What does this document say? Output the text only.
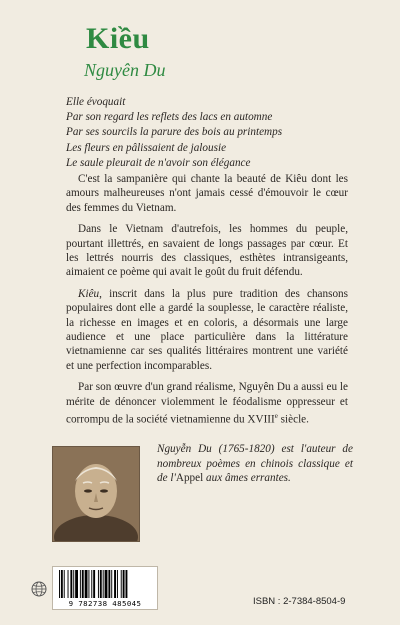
Kiều
Nguyên Du
Elle évoquait
Par son regard les reflets des lacs en automne
Par ses sourcils la parure des bois au printemps
Les fleurs en pâlissaient de jalousie
Le saule pleurait de n'avoir son élégance

C'est la sampanière qui chante la beauté de Kiêu dont les amours malheureuses n'ont jamais cessé d'émouvoir le cœur des femmes du Vietnam.

Dans le Vietnam d'autrefois, les hommes du peuple, pourtant illettrés, en savaient de longs passages par cœur. Et les lettrés nourris des classiques, esthètes intransigeants, aimaient ce poème qui avait le goût du fruit défendu.

Kiêu, inscrit dans la plus pure tradition des chansons populaires dont elle a gardé la souplesse, le caractère réaliste, la richesse en images et en coloris, a désormais une large audience et une place particulière dans la littérature vietnamienne car ses qualités littéraires montrent une variété et une perfection incomparables.

Par son œuvre d'un grand réalisme, Nguyên Du a aussi eu le mérite de dénoncer violemment le féodalisme oppresseur et corrompu de la société vietnamienne du XVIIIe siècle.

Nguyễn Du (1765-1820) est l'auteur de nombreux poèmes en chinois classique et de l'Appel aux âmes errantes.
9 782738 485045	ISBN : 2-7384-8504-9
